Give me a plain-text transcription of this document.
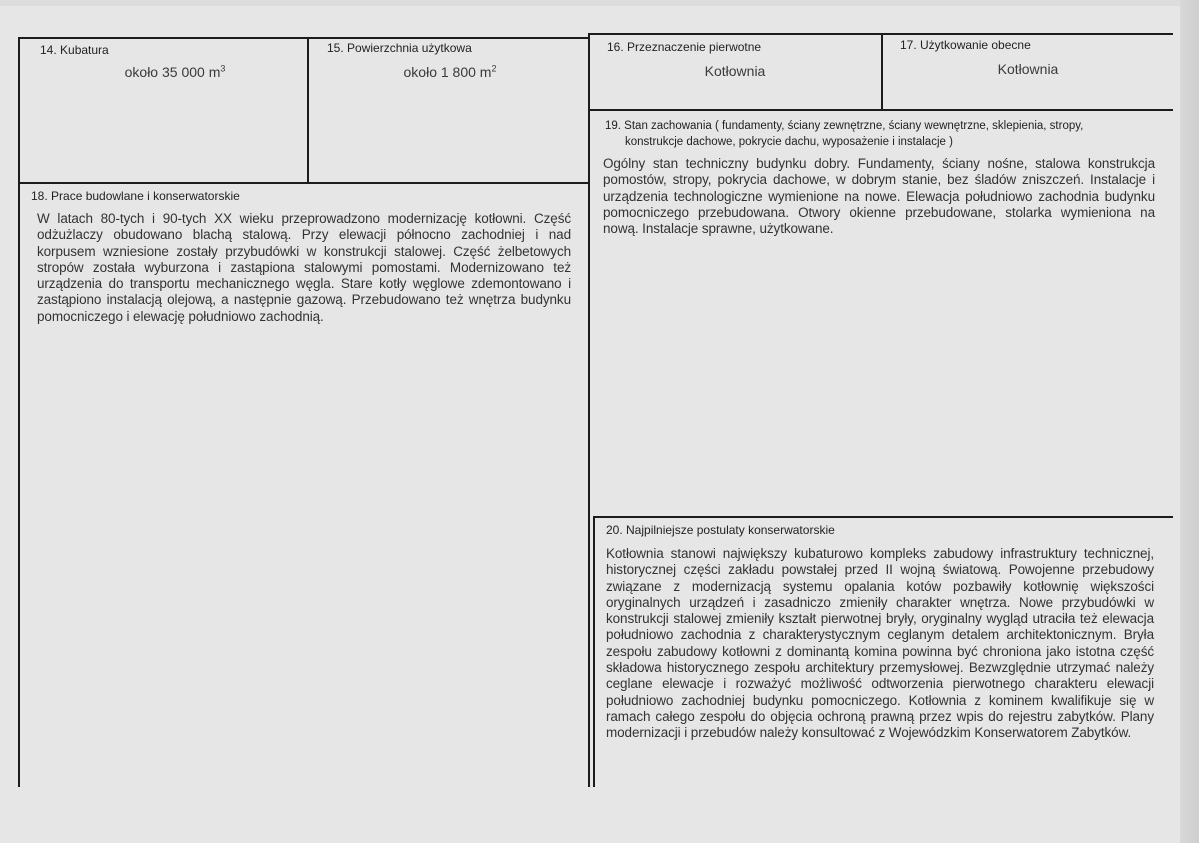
14. Kubatura
około 35 000 $m^3$
15. Powierzchnia użytkowa
około 1 800 $m^2$
16. Przeznaczenie pierwotne
Kotłownia
17. Użytkowanie obecne
Kotłownia
18. Prace budowlane i konserwatorskie
W latach 80-tych i 90-tych XX wieku przeprowadzono modernizację kotłowni. Część odżużlaczy obudowano blachą stalową. Przy elewacji północno zachodniej i nad korpusem wzniesione zostały przybudówki w konstrukcji stalowej. Część żelbetowych stropów została wyburzona i zastąpiona stalowymi pomostami. Modernizowano też urządzenia do transportu mechanicznego węgla. Stare kotły węglowe zdemontowano i zastąpiono instalacją olejową, a następnie gazową. Przebudowano też wnętrza budynku pomocniczego i elewację południowo zachodnią.
19. Stan zachowania ( fundamenty, ściany zewnętrzne, ściany wewnętrzne, sklepienia, stropy,
konstrukcje dachowe, pokrycie dachu, wyposażenie i instalacje )
Ogólny stan techniczny budynku dobry. Fundamenty, ściany nośne, stalowa konstrukcja pomostów, stropy, pokrycia dachowe, w dobrym stanie, bez śladów zniszczeń. Instalacje i urządzenia technologiczne wymienione na nowe. Elewacja południowo zachodnia budynku pomocniczego przebudowana. Otwory okienne przebudowane, stolarka wymieniona na nową. Instalacje sprawne, użytkowane.
20. Najpilniejsze postulaty konserwatorskie
Kotłownia stanowi największy kubaturowo kompleks zabudowy infrastruktury technicznej, historycznej części zakładu powstałej przed II wojną światową. Powojenne przebudowy związane z modernizacją systemu opalania kotów pozbawiły kotłownię większości oryginalnych urządzeń i zasadniczo zmieniły charakter wnętrza. Nowe przybudówki w konstrukcji stalowej zmieniły kształt pierwotnej bryły, oryginalny wygląd utraciła też elewacja południowo zachodnia z charakterystycznym ceglanym detalem architektonicznym. Bryła zespołu zabudowy kotłowni z dominantą komina powinna być chroniona jako istotna część składowa historycznego zespołu architektury przemysłowej. Bezwzględnie utrzymać należy ceglane elewacje i rozważyć możliwość odtworzenia pierwotnego charakteru elewacji południowo zachodniej budynku pomocniczego. Kotłownia z kominem kwalifikuje się w ramach całego zespołu do objęcia ochroną prawną przez wpis do rejestru zabytków. Plany modernizacji i przebudów należy konsultować z Wojewódzkim Konserwatorem Zabytków.
